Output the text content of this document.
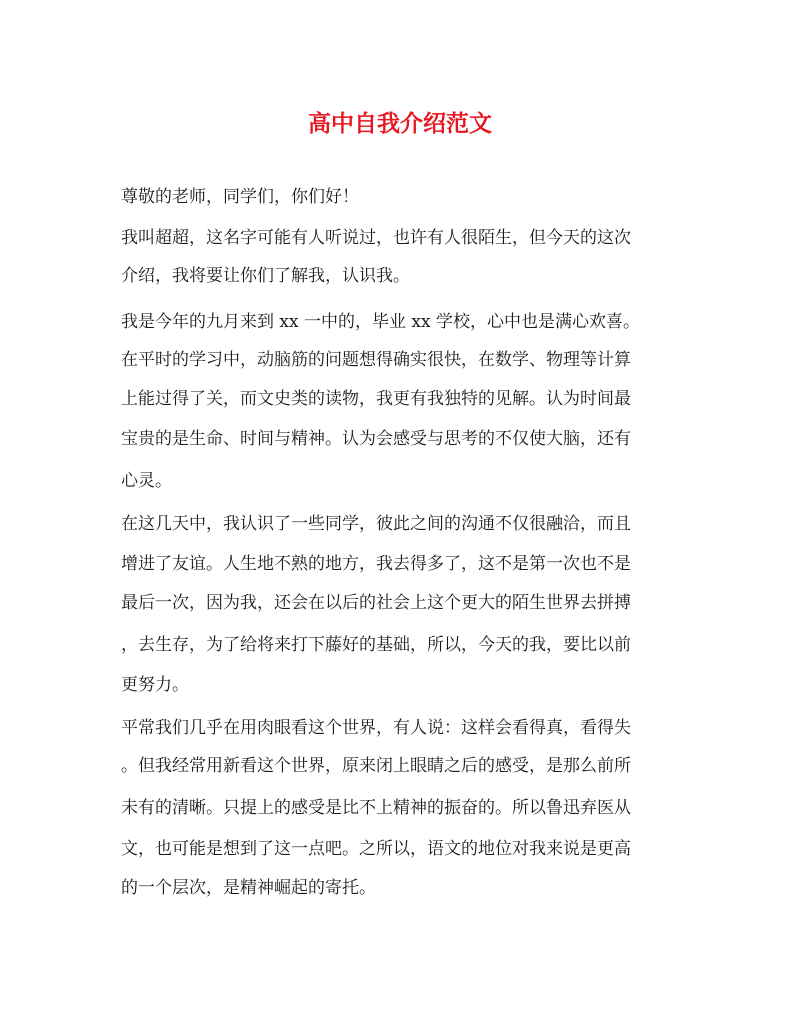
高中自我介绍范文

尊敬的老师，同学们，你们好！

我叫超超，这名字可能有人听说过，也许有人很陌生，但今天的这次

介绍，我将要让你们了解我，认识我。

我是今年的九月来到 xx 一中的，毕业 xx 学校，心中也是满心欢喜。

在平时的学习中，动脑筋的问题想得确实很快，在数学、物理等计算

上能过得了关，而文史类的读物，我更有我独特的见解。认为时间最

宝贵的是生命、时间与精神。认为会感受与思考的不仅使大脑，还有

心灵。

在这几天中，我认识了一些同学，彼此之间的沟通不仅很融洽，而且

增进了友谊。人生地不熟的地方，我去得多了，这不是第一次也不是

最后一次，因为我，还会在以后的社会上这个更大的陌生世界去拼搏

，去生存，为了给将来打下藤好的基础，所以，今天的我，要比以前

更努力。

平常我们几乎在用肉眼看这个世界，有人说：这样会看得真，看得失

。但我经常用新看这个世界，原来闭上眼睛之后的感受，是那么前所

未有的清晰。只提上的感受是比不上精神的振奋的。所以鲁迅弃医从

文，也可能是想到了这一点吧。之所以，语文的地位对我来说是更高

的一个层次，是精神崛起的寄托。
